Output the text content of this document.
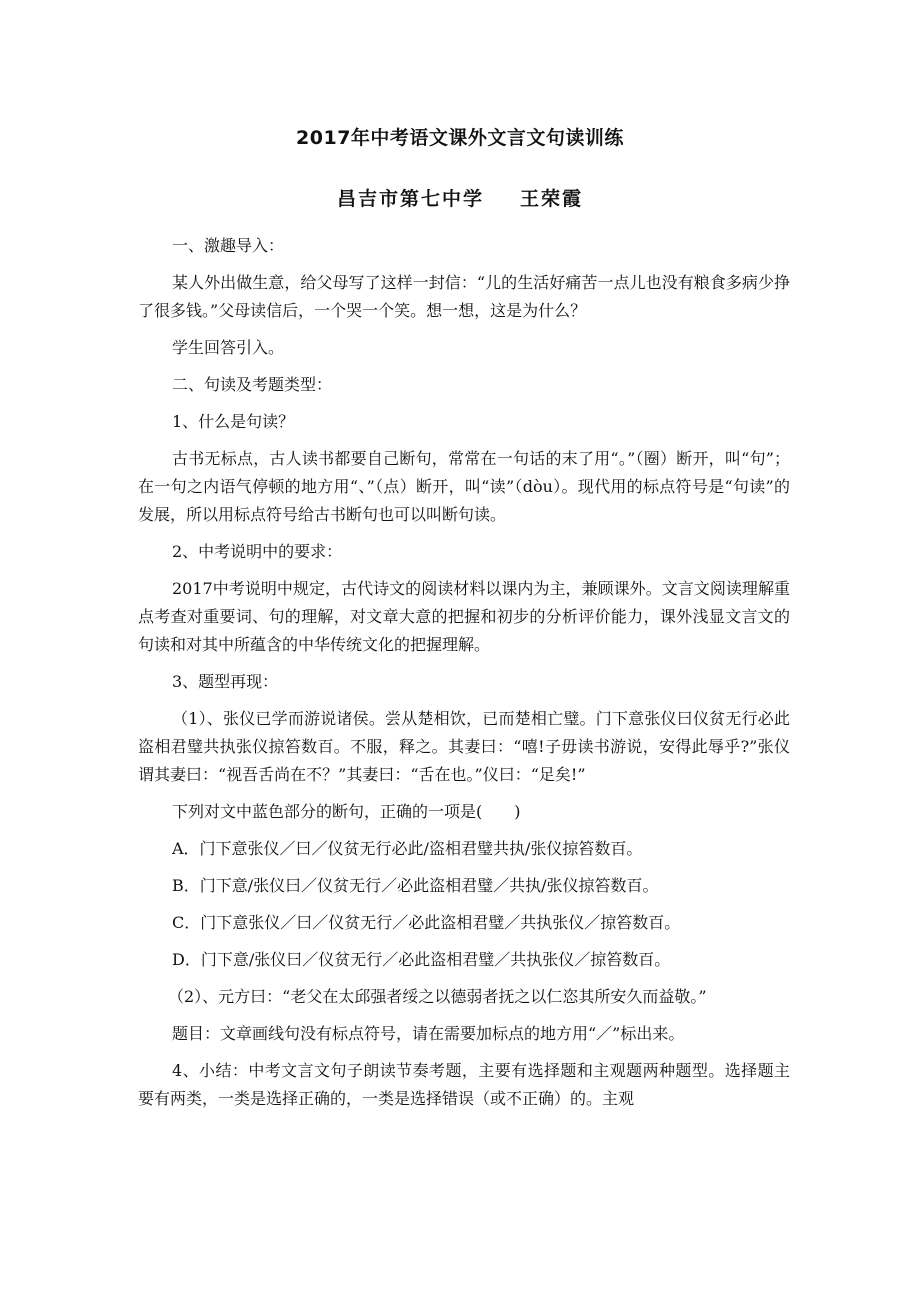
2017年中考语文课外文言文句读训练
昌吉市第七中学 王荣霞

一、激趣导入：

某人外出做生意，给父母写了这样一封信：“儿的生活好痛苦一点儿也没有粮食多病少挣了很多钱。”父母读信后，一个哭一个笑。想一想，这是为什么？

学生回答引入。

二、句读及考题类型：

1、什么是句读？

古书无标点，古人读书都要自己断句，常常在一句话的末了用“。”（圈）断开，叫“句”；在一句之内语气停顿的地方用“、”（点）断开，叫“读”（dòu）。现代用的标点符号是“句读”的发展，所以用标点符号给古书断句也可以叫断句读。

2、中考说明中的要求：

2017中考说明中规定，古代诗文的阅读材料以课内为主，兼顾课外。文言文阅读理解重点考查对重要词、句的理解，对文章大意的把握和初步的分析评价能力，课外浅显文言文的句读和对其中所蕴含的中华传统文化的把握理解。

3、题型再现：

（1）、张仪已学而游说诸侯。尝从楚相饮，已而楚相亡璧。门下意张仪曰仪贫无行必此盗相君璧共执张仪掠笞数百。不服，释之。其妻曰：“嘻!子毋读书游说，安得此辱乎?”张仪谓其妻曰：“视吾舌尚在不？”其妻曰：“舌在也。”仪曰：“足矣!”

下列对文中蓝色部分的断句，正确的一项是(　　)

A．门下意张仪／曰／仪贫无行必此/盗相君璧共执/张仪掠笞数百。

B．门下意/张仪曰／仪贫无行／必此盗相君璧／共执/张仪掠笞数百。

C．门下意张仪／曰／仪贫无行／必此盗相君璧／共执张仪／掠笞数百。

D．门下意/张仪曰／仪贫无行／必此盗相君璧／共执张仪／掠笞数百。

（2）、元方曰：“老父在太邱强者绥之以德弱者抚之以仁恣其所安久而益敬。”

题目：文章画线句没有标点符号，请在需要加标点的地方用“／”标出来。

4、小结：中考文言文句子朗读节奏考题，主要有选择题和主观题两种题型。选择题主要有两类，一类是选择正确的，一类是选择错误（或不正确）的。主观
